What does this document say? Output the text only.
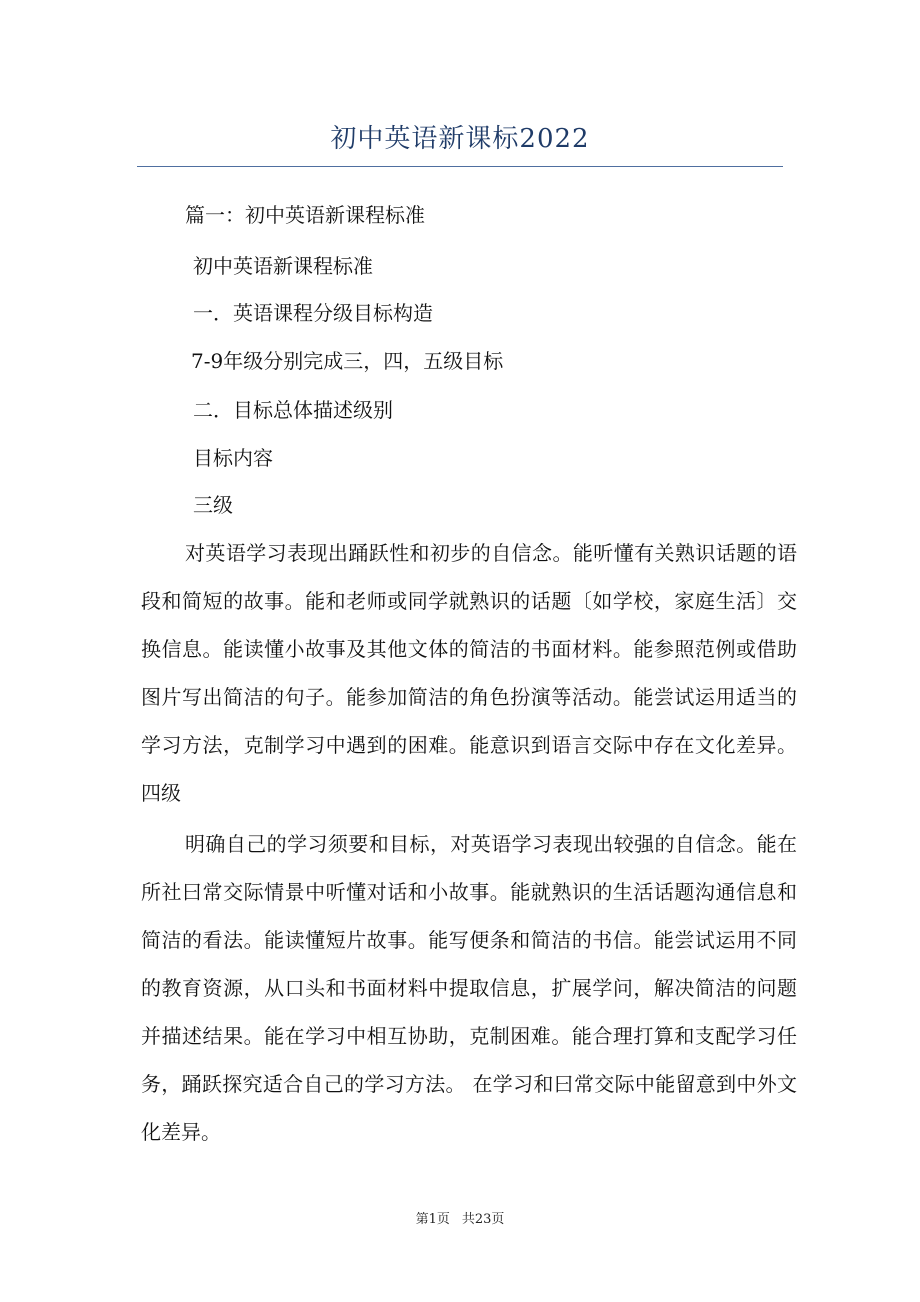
初中英语新课标2022
篇一：初中英语新课程标准
初中英语新课程标准
一．英语课程分级目标构造
7-9年级分别完成三，四，五级目标
二．目标总体描述级别
目标内容
三级

对英语学习表现出踊跃性和初步的自信念。能听懂有关熟识话题的语段和简短的故事。能和老师或同学就熟识的话题〔如学校，家庭生活〕交换信息。能读懂小故事及其他文体的简洁的书面材料。能参照范例或借助图片写出简洁的句子。能参加简洁的角色扮演等活动。能尝试运用适当的学习方法，克制学习中遇到的困难。能意识到语言交际中存在文化差异。四级

明确自己的学习须要和目标，对英语学习表现出较强的自信念。能在所社曰常交际情景中听懂对话和小故事。能就熟识的生活话题沟通信息和简洁的看法。能读懂短片故事。能写便条和简洁的书信。能尝试运用不同的教育资源，从口头和书面材料中提取信息，扩展学问，解决简洁的问题并描述结果。能在学习中相互协助，克制困难。能合理打算和支配学习任务，踊跃探究适合自己的学习方法。 在学习和曰常交际中能留意到中外文化差异。

第1页 共23页
